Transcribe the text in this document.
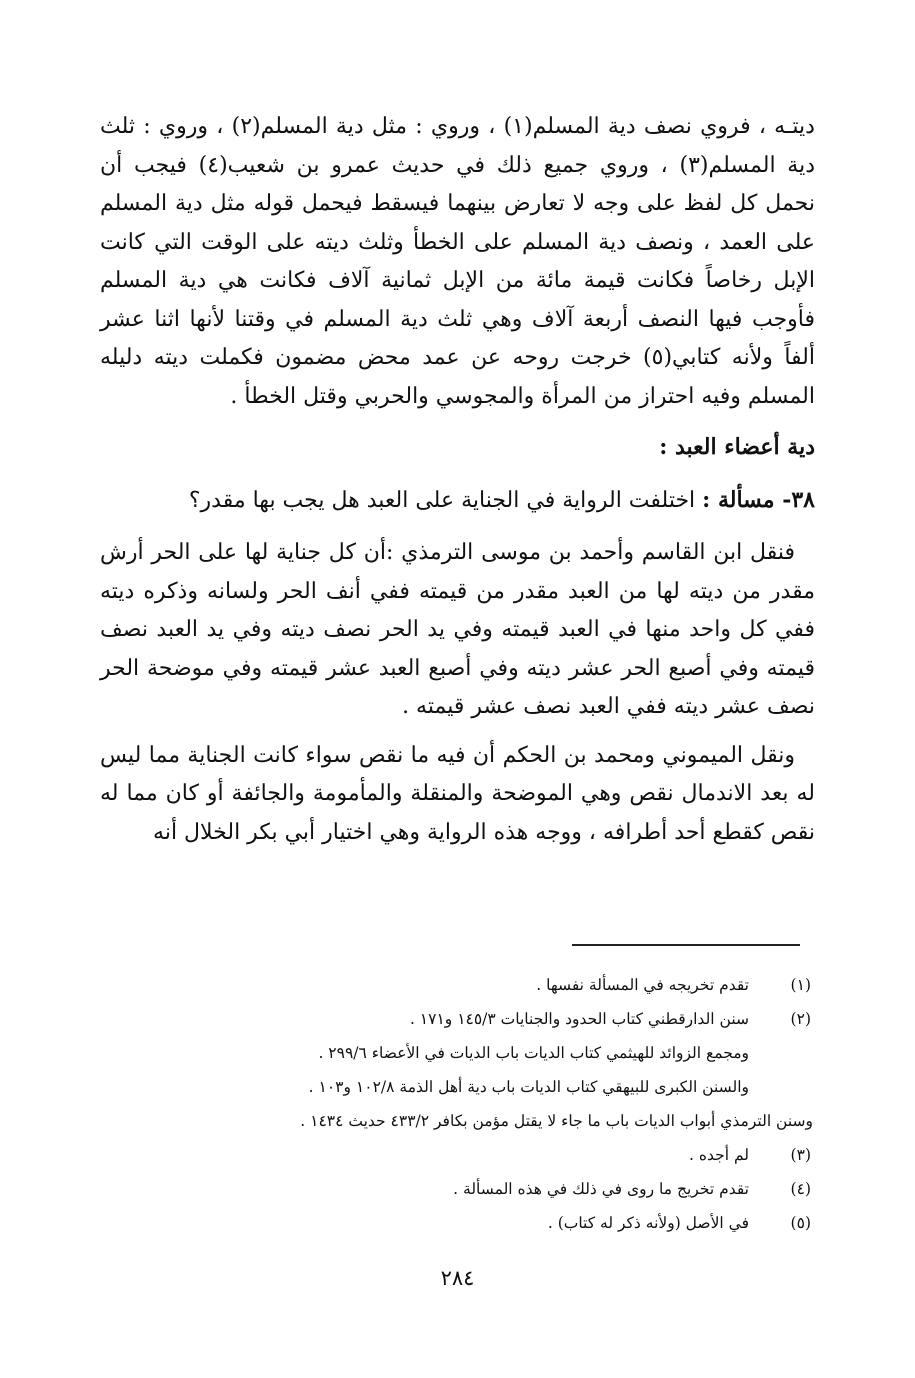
ديتـه ، فروي نصف دية المسلم(١) ، وروي : مثل دية المسلم(٢) ، وروي : ثلث دية المسلم(٣) ، وروي جميع ذلك في حديث عمرو بن شعيب(٤) فيجب أن نحمل كل لفظ على وجه لا تعارض بينهما فيسقط فيحمل قوله مثل دية المسلم على العمد ، ونصف دية المسلم على الخطأ وثلث ديته على الوقت التي كانت الإبل رخاصاً فكانت قيمة مائة من الإبل ثمانية آلاف فكانت هي دية المسلم فأوجب فيها النصف أربعة آلاف وهي ثلث دية المسلم في وقتنا لأنها اثنا عشر ألفاً ولأنه كتابي(٥) خرجت روحه عن عمد محض مضمون فكملت ديته دليله المسلم وفيه احتراز من المرأة والمجوسي والحربي وقتل الخطأ .

دية أعضاء العبد :

٣٨- مسألة : اختلفت الرواية في الجناية على العبد هل يجب بها مقدر؟

فنقل ابن القاسم وأحمد بن موسى الترمذي :أن كل جناية لها على الحر أرش مقدر من ديته لها من العبد مقدر من قيمته ففي أنف الحر ولسانه وذكره ديته ففي كل واحد منها في العبد قيمته وفي يد الحر نصف ديته وفي يد العبد نصف قيمته وفي أصبع الحر عشر ديته وفي أصبع العبد عشر قيمته وفي موضحة الحر نصف عشر ديته ففي العبد نصف عشر قيمته .

ونقل الميموني ومحمد بن الحكم أن فيه ما نقص سواء كانت الجناية مما ليس له بعد الاندمال نقص وهي الموضحة والمنقلة والمأمومة والجائفة أو كان مما له نقص كقطع أحد أطرافه ، ووجه هذه الرواية وهي اختيار أبي بكر الخلال أنه

(١)
تقدم تخريجه في المسألة نفسها .
(٢)
سنن الدارقطني كتاب الحدود والجنايات ١٤٥/٣ و١٧١ .
ومجمع الزوائد للهيثمي كتاب الديات باب الديات في الأعضاء ٢٩٩/٦ .
والسنن الكبرى للبيهقي كتاب الديات باب دية أهل الذمة ١٠٢/٨ و١٠٣ .
وسنن الترمذي أبواب الديات باب ما جاء لا يقتل مؤمن بكافر ٤٣٣/٢ حديث ١٤٣٤ .
(٣)
لم أجده .
(٤)
تقدم تخريج ما روى في ذلك في هذه المسألة .
(٥)
في الأصل (ولأنه ذكر له كتاب) .
٢٨٤
